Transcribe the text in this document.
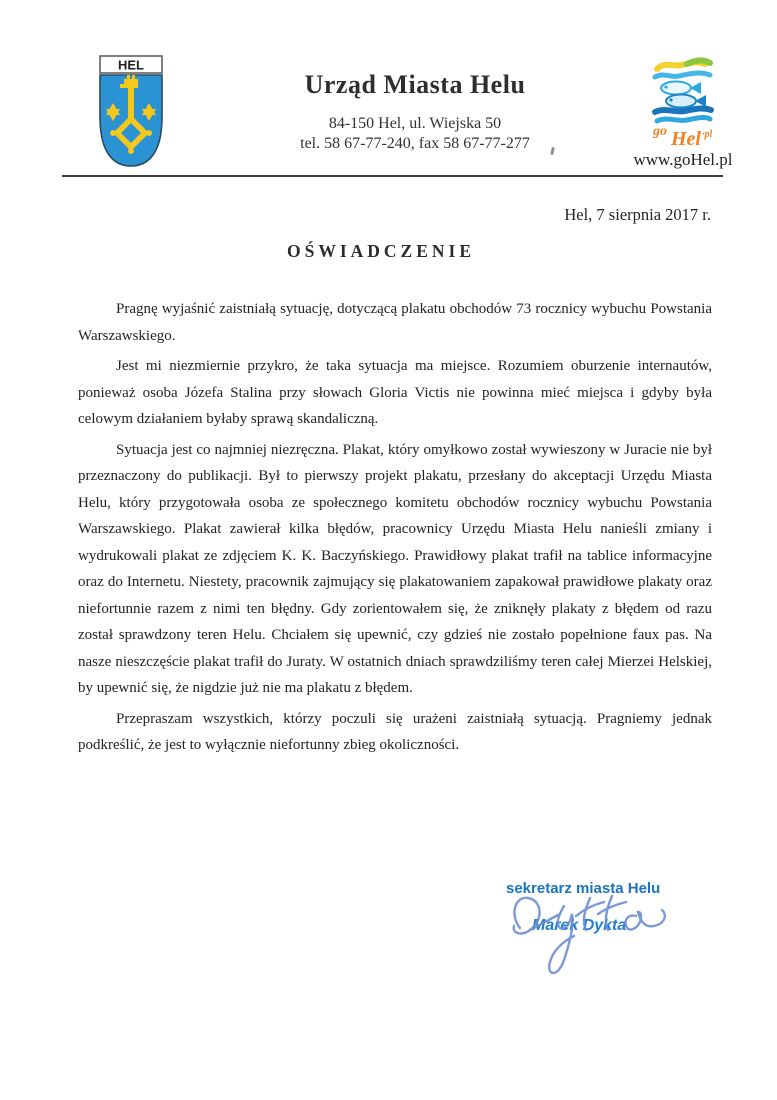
HEL
Urząd Miasta Helu
84-150 Hel, ul. Wiejska 50
tel. 58 67-77-240, fax 58 67-77-277
go Hel ·pl
www.goHel.pl
Hel, 7 sierpnia 2017 r.
OŚWIADCZENIE

Pragnę wyjaśnić zaistniałą sytuację, dotyczącą plakatu obchodów 73 rocznicy wybuchu Powstania Warszawskiego.

Jest mi niezmiernie przykro, że taka sytuacja ma miejsce. Rozumiem oburzenie internautów, ponieważ osoba Józefa Stalina przy słowach Gloria Victis nie powinna mieć miejsca i gdyby była celowym działaniem byłaby sprawą skandaliczną.

Sytuacja jest co najmniej niezręczna. Plakat, który omyłkowo został wywieszony w Juracie nie był przeznaczony do publikacji. Był to pierwszy projekt plakatu, przesłany do akceptacji Urzędu Miasta Helu, który przygotowała osoba ze społecznego komitetu obchodów rocznicy wybuchu Powstania Warszawskiego. Plakat zawierał kilka błędów, pracownicy Urzędu Miasta Helu nanieśli zmiany i wydrukowali plakat ze zdjęciem K. K. Baczyńskiego. Prawidłowy plakat trafił na tablice informacyjne oraz do Internetu. Niestety, pracownik zajmujący się plakatowaniem zapakował prawidłowe plakaty oraz niefortunnie razem z nimi ten błędny. Gdy zorientowałem się, że zniknęły plakaty z błędem od razu został sprawdzony teren Helu. Chciałem się upewnić, czy gdzieś nie zostało popełnione faux pas. Na nasze nieszczęście plakat trafił do Juraty. W ostatnich dniach sprawdziliśmy teren całej Mierzei Helskiej, by upewnić się, że nigdzie już nie ma plakatu z błędem.

Przepraszam wszystkich, którzy poczuli się urażeni zaistniałą sytuacją. Pragniemy jednak podkreślić, że jest to wyłącznie niefortunny zbieg okoliczności.

sekretarz miasta Helu
Marek Dykta
